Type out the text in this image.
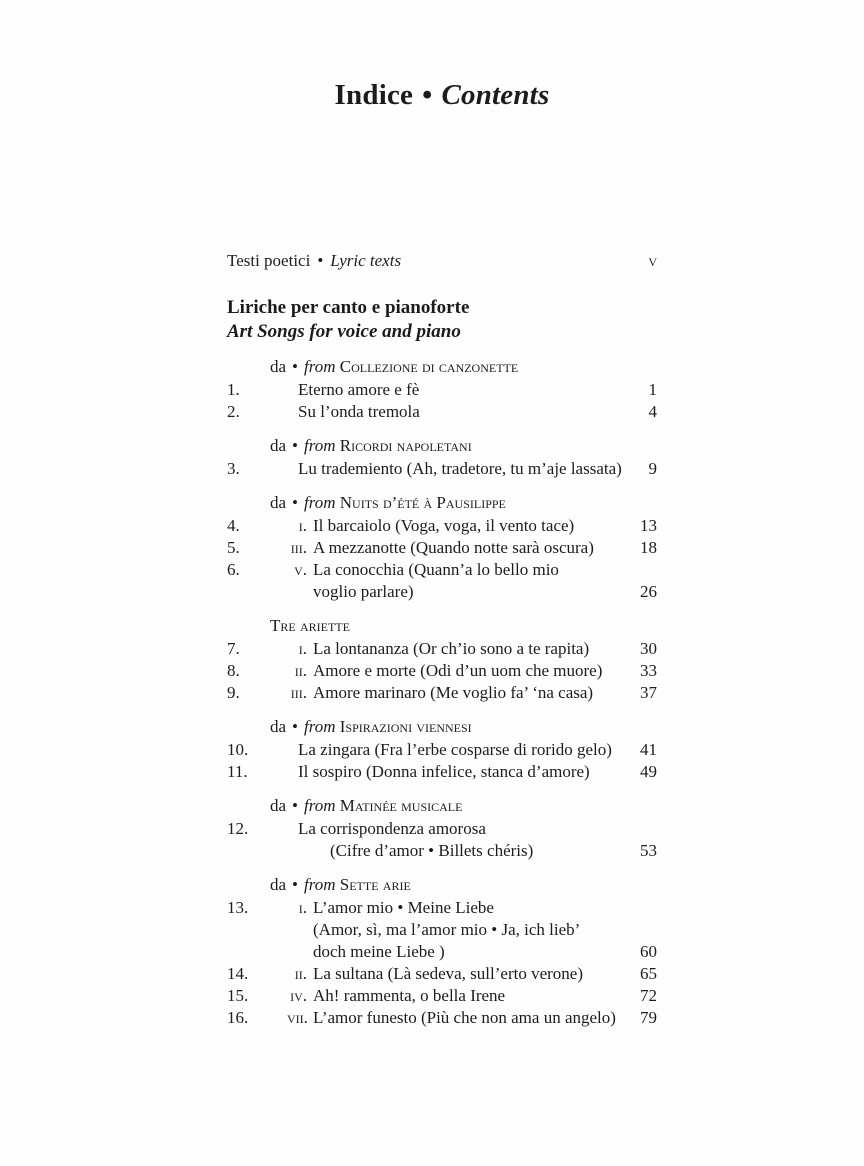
Indice • Contents
Testi poetici • Lyric texts	v
Liriche per canto e pianoforte
Art Songs for voice and piano
da • from Collezione di canzonette
1.	Eterno amore e fè	1
2.	Su l’onda tremola	4
da • from Ricordi napoletani
3.	Lu trademiento (Ah, tradetore, tu m’aje lassata)	9
da • from Nuits d’été à Pausilippe
4.	i. Il barcaiolo (Voga, voga, il vento tace)	13
5.	iii. A mezzanotte (Quando notte sarà oscura)	18
6.	v. La conocchia (Quann’a lo bello mio
voglio parlare)	26
Tre ariette
7.	i. La lontananza (Or ch’io sono a te rapita)	30
8.	ii. Amore e morte (Odi d’un uom che muore)	33
9.	iii. Amore marinaro (Me voglio fa’ ‘na casa)	37
da • from Ispirazioni viennesi
10.	La zingara (Fra l’erbe cosparse di rorido gelo)	41
11.	Il sospiro (Donna infelice, stanca d’amore)	49
da • from Matinée musicale
12.	La corrispondenza amorosa
(Cifre d’amor • Billets chéris)	53
da • from Sette arie
13.	i. L’amor mio • Meine Liebe
(Amor, sì, ma l’amor mio • Ja, ich lieb’
doch meine Liebe )	60
14.	ii. La sultana (Là sedeva, sull’erto verone)	65
15.	iv. Ah! rammenta, o bella Irene	72
16.	vii. L’amor funesto (Più che non ama un angelo)	79
